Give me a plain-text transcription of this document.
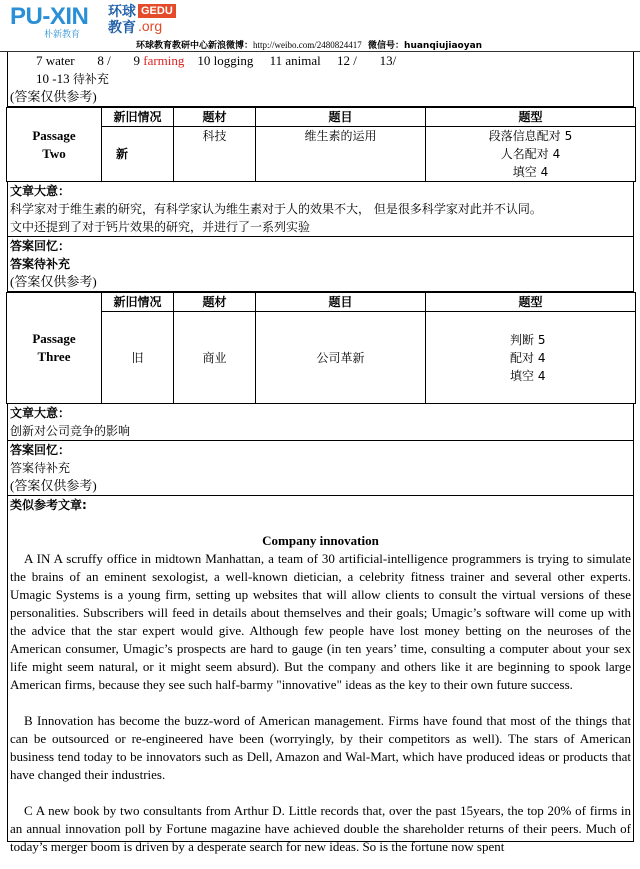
PU-XIN
朴新教育
环球
教育
GEDU
.org
环球教育教研中心新浪微博：http://weibo.com/2480824417 微信号：huanqiujiaoyan
7 water 8 / 9 farming 10 logging 11 animal 12 / 13/
10 -13 待补充
(答案仅供参考)
Passage
Two	新旧情况	题材	题目	题型
	新	科技	维生素的运用	段落信息配对 5
人名配对 4
填空 4
文章大意：
科学家对于维生素的研究，有科学家认为维生素对于人的效果不大， 但是很多科学家对此并不认同。
文中还提到了对于钙片效果的研究，并进行了一系列实验
答案回忆：
答案待补充
(答案仅供参考)
Passage
Three	新旧情况	题材	题目	题型
	旧	商业	公司革新	判断 5
配对 4
填空 4
文章大意：
创新对公司竞争的影响
答案回忆：
答案待补充
(答案仅供参考)
类似参考文章:
Company innovation

A IN A scruffy office in midtown Manhattan, a team of 30 artificial-intelligence programmers is trying to simulate the brains of an eminent sexologist, a well-known dietician, a celebrity fitness trainer and several other experts. Umagic Systems is a young firm, setting up websites that will allow clients to consult the virtual versions of these personalities. Subscribers will feed in details about themselves and their goals; Umagic’s software will come up with the advice that the star expert would give. Although few people have lost money betting on the neuroses of the American consumer, Umagic’s prospects are hard to gauge (in ten years’ time, consulting a computer about your sex life might seem natural, or it might seem absurd). But the company and others like it are beginning to spook large American firms, because they see such half-barmy "innovative" ideas as the key to their own future success.

B Innovation has become the buzz-word of American management. Firms have found that most of the things that can be outsourced or re-engineered have been (worryingly, by their competitors as well). The stars of American business tend today to be innovators such as Dell, Amazon and Wal-Mart, which have produced ideas or products that have changed their industries.

C A new book by two consultants from Arthur D. Little records that, over the past 15years, the top 20% of firms in an annual innovation poll by Fortune magazine have achieved double the shareholder returns of their peers. Much of today’s merger boom is driven by a desperate search for new ideas. So is the fortune now spent
